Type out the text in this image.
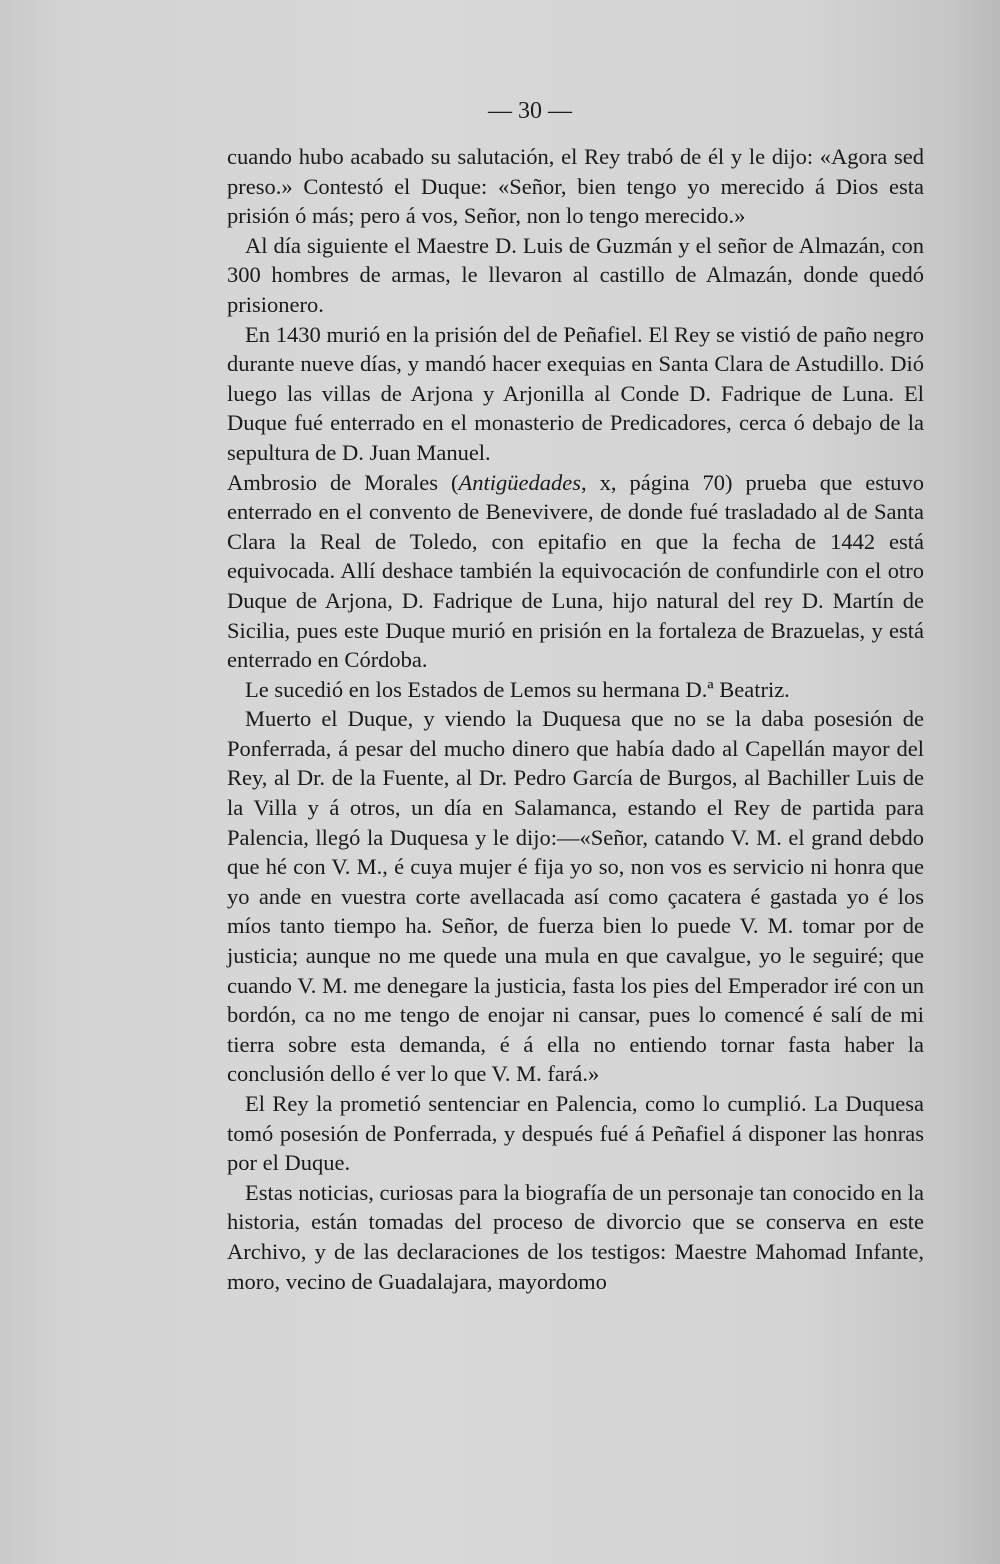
— 30 —

cuando hubo acabado su salutación, el Rey trabó de él y le dijo: «Agora sed preso.» Contestó el Duque: «Señor, bien tengo yo merecido á Dios esta prisión ó más; pero á vos, Señor, non lo tengo merecido.»

Al día siguiente el Maestre D. Luis de Guzmán y el señor de Almazán, con 300 hombres de armas, le llevaron al castillo de Almazán, donde quedó prisionero.

En 1430 murió en la prisión del de Peñafiel. El Rey se vistió de paño negro durante nueve días, y mandó hacer exequias en Santa Clara de Astudillo. Dió luego las villas de Arjona y Arjonilla al Conde D. Fadrique de Luna. El Duque fué enterrado en el monasterio de Predicadores, cerca ó debajo de la sepultura de D. Juan Manuel.

Ambrosio de Morales (Antigüedades, x, página 70) prueba que estuvo enterrado en el convento de Benevivere, de donde fué trasladado al de Santa Clara la Real de Toledo, con epitafio en que la fecha de 1442 está equivocada. Allí deshace también la equivocación de confundirle con el otro Duque de Arjona, D. Fadrique de Luna, hijo natural del rey D. Martín de Sicilia, pues este Duque murió en prisión en la fortaleza de Brazuelas, y está enterrado en Córdoba.

Le sucedió en los Estados de Lemos su hermana D.ª Beatriz.

Muerto el Duque, y viendo la Duquesa que no se la daba posesión de Ponferrada, á pesar del mucho dinero que había dado al Capellán mayor del Rey, al Dr. de la Fuente, al Dr. Pedro García de Burgos, al Bachiller Luis de la Villa y á otros, un día en Salamanca, estando el Rey de partida para Palencia, llegó la Duquesa y le dijo:—«Señor, catando V. M. el grand debdo que hé con V. M., é cuya mujer é fija yo so, non vos es servicio ni honra que yo ande en vuestra corte avellacada así como çacatera é gastada yo é los míos tanto tiempo ha. Señor, de fuerza bien lo puede V. M. tomar por de justicia; aunque no me quede una mula en que cavalgue, yo le seguiré; que cuando V. M. me denegare la justicia, fasta los pies del Emperador iré con un bordón, ca no me tengo de enojar ni cansar, pues lo comencé é salí de mi tierra sobre esta demanda, é á ella no entiendo tornar fasta haber la conclusión dello é ver lo que V. M. fará.»

El Rey la prometió sentenciar en Palencia, como lo cumplió. La Duquesa tomó posesión de Ponferrada, y después fué á Peñafiel á disponer las honras por el Duque.

Estas noticias, curiosas para la biografía de un personaje tan conocido en la historia, están tomadas del proceso de divorcio que se conserva en este Archivo, y de las declaraciones de los testigos: Maestre Mahomad Infante, moro, vecino de Guadalajara, mayordomo
